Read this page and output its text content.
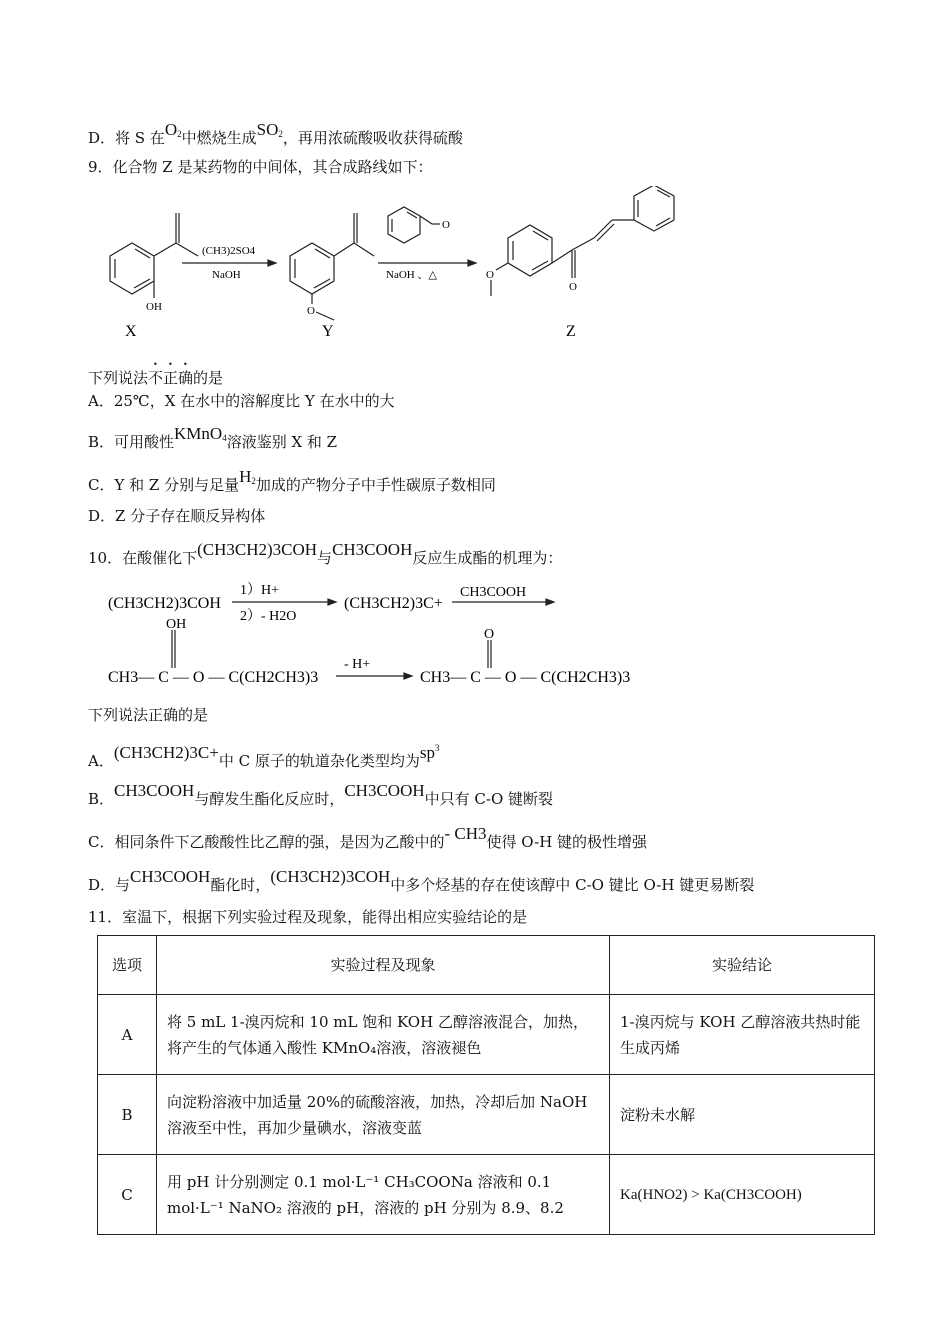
D．将 S 在$O_2$中燃烧生成$SO_2$，再用浓硫酸吸收获得硫酸
9．化合物 Z 是某药物的中间体，其合成路线如下：
OH	O
O
O
O
(CH3)2SO4
NaOH	NaOH 、△
X	Y	Z
下列说法不正确的是
A．25℃，X 在水中的溶解度比 Y 在水中的大
B．可用酸性KMnO$_4$溶液鉴别 X 和 Z
C．Y 和 Z 分别与足量$H_2$加成的产物分子中手性碳原子数相同
D．Z 分子存在顺反异构体
10．在酸催化下(CH3CH2)3COH与CH3COOH反应生成酯的机理为：
(CH3CH2)3COH
1）H+
2）- H2O
(CH3CH2)3C+
CH3COOH
OH
CH3— C — O — C(CH2CH3)3
- H+
O
CH3— C — O — C(CH2CH3)3
下列说法正确的是
A．(CH3CH2)3C+中 C 原子的轨道杂化类型均为$sp^3$
B．CH3COOH与醇发生酯化反应时，CH3COOH中只有 C-O 键断裂
C．相同条件下乙酸酸性比乙醇的强，是因为乙酸中的- CH3使得 O-H 键的极性增强
D．与CH3COOH酯化时，(CH3CH2)3COH中多个烃基的存在使该醇中 C-O 键比 O-H 键更易断裂
11．室温下，根据下列实验过程及现象，能得出相应实验结论的是
选项	实验过程及现象	实验结论
A	将 5 mL 1-溴丙烷和 10 mL 饱和 KOH 乙醇溶液混合，加热，将产生的气体通入酸性 KMnO₄溶液，溶液褪色	1-溴丙烷与 KOH 乙醇溶液共热时能生成丙烯
B	向淀粉溶液中加适量 20%的硫酸溶液，加热，冷却后加 NaOH 溶液至中性，再加少量碘水，溶液变蓝	淀粉未水解
C	用 pH 计分别测定 0.1 mol·L⁻¹ CH₃COONa 溶液和 0.1 mol·L⁻¹ NaNO₂ 溶液的 pH，溶液的 pH 分别为 8.9、8.2	Ka(HNO2) > Ka(CH3COOH)
